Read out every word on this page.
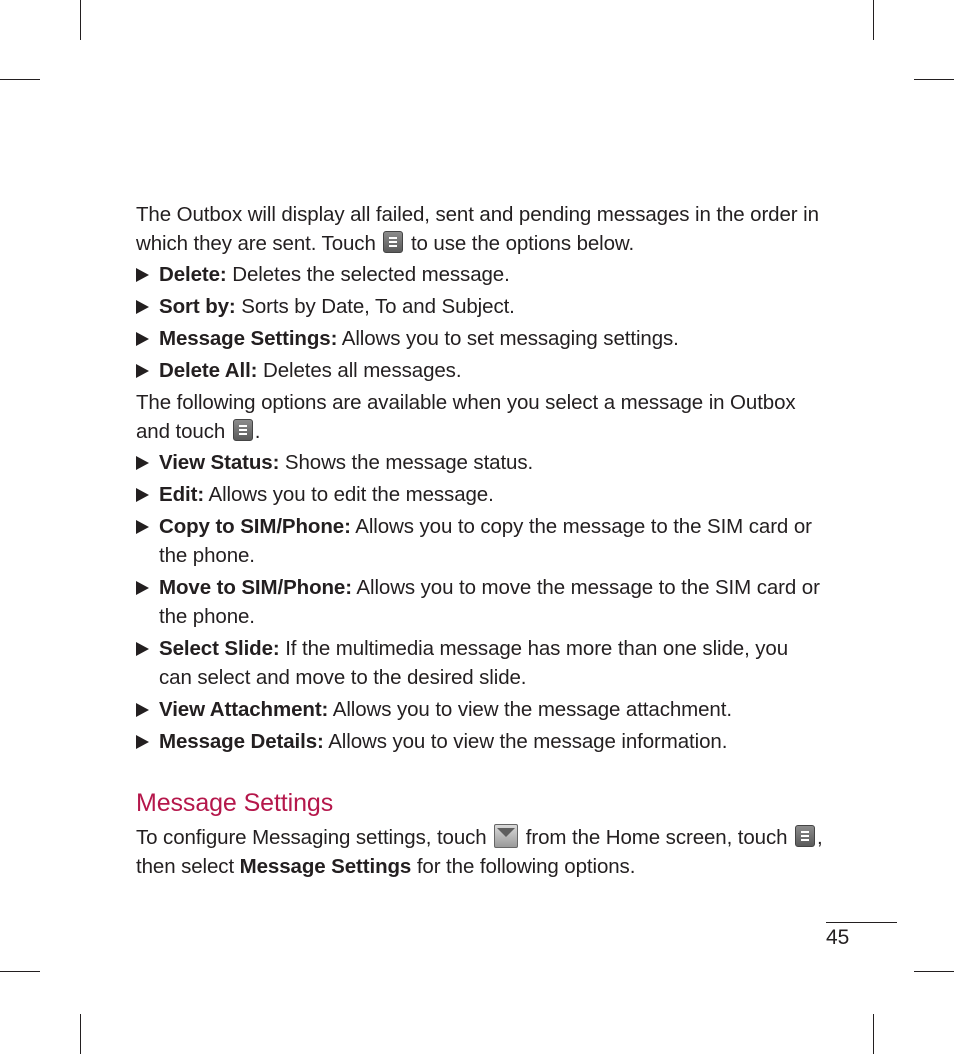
The Outbox will display all failed, sent and pending messages in the order in which they are sent. Touch  to use the options below.

Delete: Deletes the selected message.
Sort by: Sorts by Date, To and Subject.
Message Settings: Allows you to set messaging settings.
Delete All: Deletes all messages.

The following options are available when you select a message in Outbox and touch .

View Status: Shows the message status.
Edit: Allows you to edit the message.
Copy to SIM/Phone: Allows you to copy the message to the SIM card or the phone.
Move to SIM/Phone: Allows you to move the message to the SIM card or the phone.
Select Slide: If the multimedia message has more than one slide, you can select and move to the desired slide.
View Attachment: Allows you to view the message attachment.
Message Details: Allows you to view the message information.
Message Settings

To configure Messaging settings, touch  from the Home screen, touch , then select Message Settings for the following options.

45
